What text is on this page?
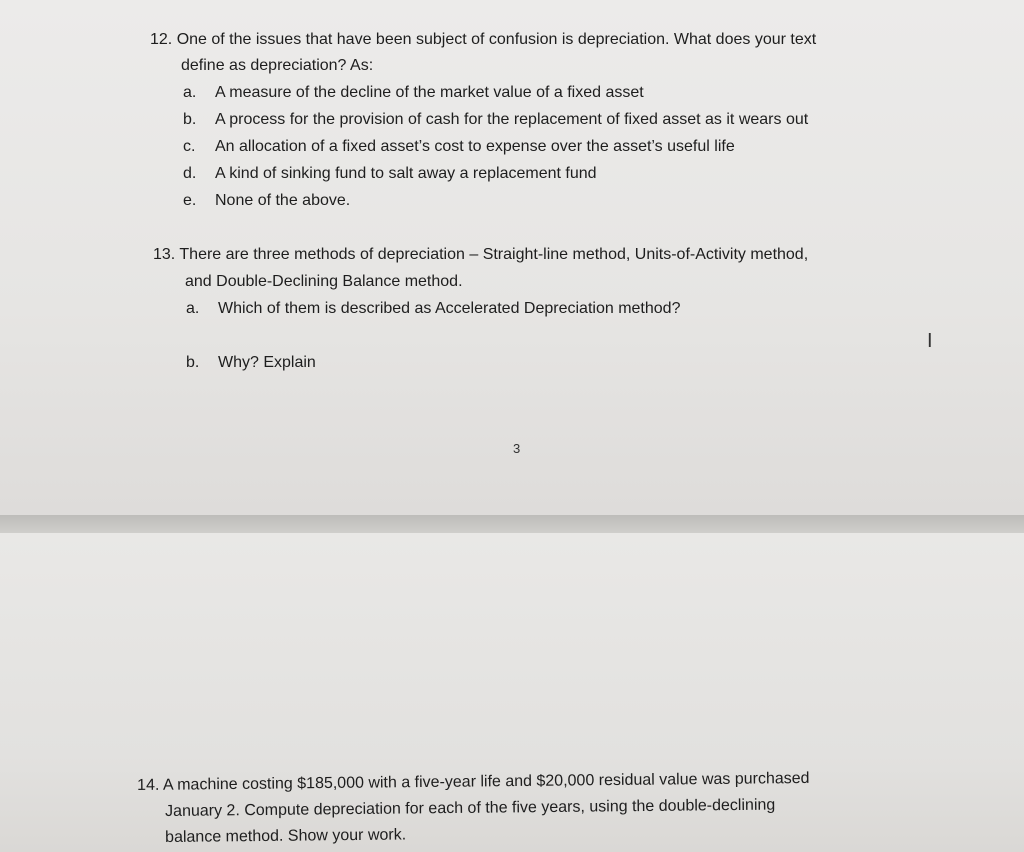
12. One of the issues that have been subject of confusion is depreciation. What does your text
define as depreciation? As:
a. A measure of the decline of the market value of a fixed asset
b. A process for the provision of cash for the replacement of fixed asset as it wears out
c. An allocation of a fixed asset’s cost to expense over the asset’s useful life
d. A kind of sinking fund to salt away a replacement fund
e. None of the above.
13. There are three methods of depreciation – Straight-line method, Units-of-Activity method,
and Double-Declining Balance method.
a. Which of them is described as Accelerated Depreciation method?
b. Why? Explain
3
I
14. A machine costing $185,000 with a five-year life and $20,000 residual value was purchased
January 2. Compute depreciation for each of the five years, using the double-declining
balance method. Show your work.
